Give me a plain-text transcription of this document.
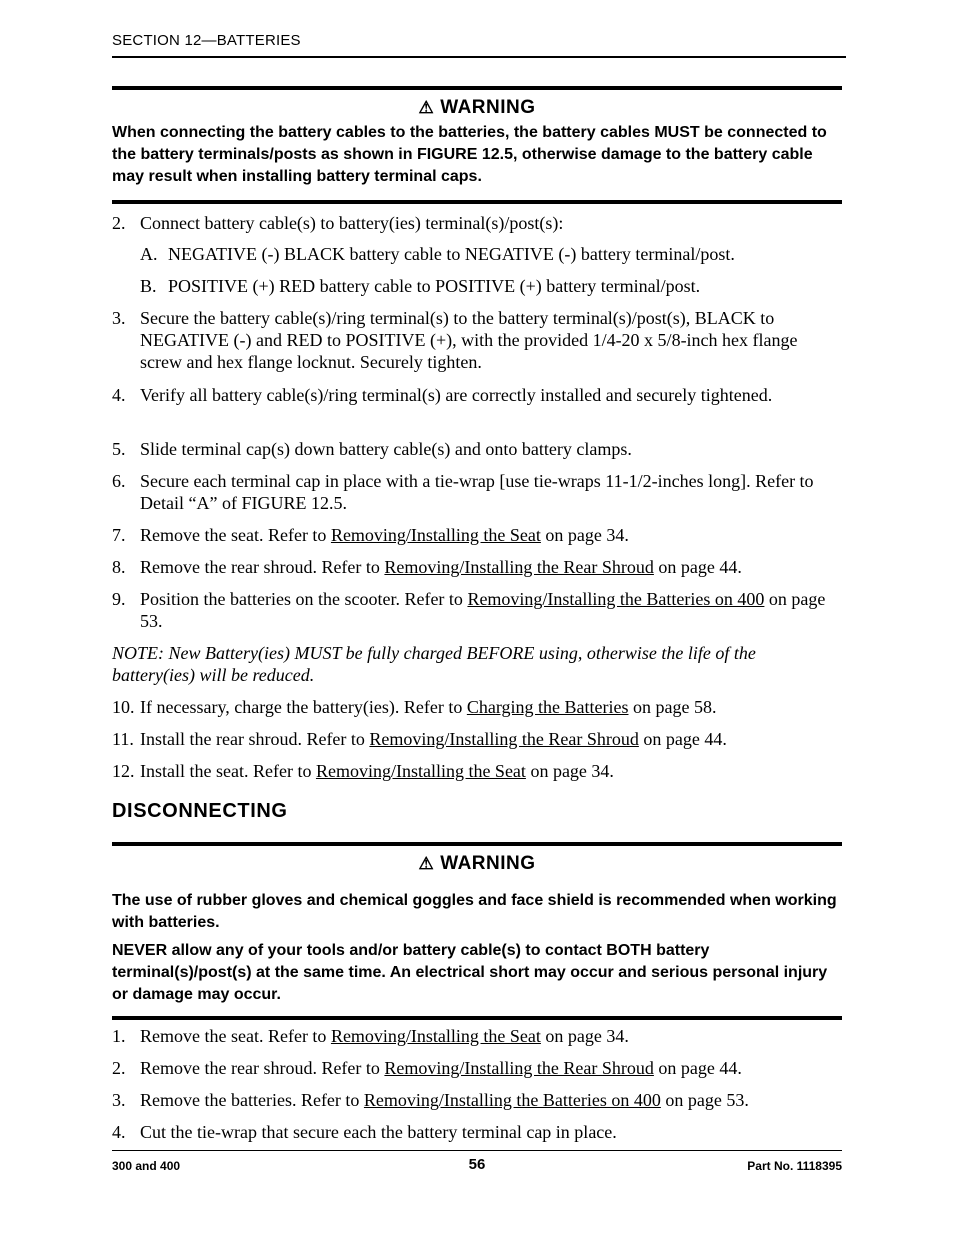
SECTION 12—BATTERIES
⚠ WARNING

When connecting the battery cables to the batteries, the battery cables MUST be connected to the battery terminals/posts as shown in FIGURE 12.5, otherwise damage to the battery cable may result when installing battery terminal caps.

2. Connect battery cable(s) to battery(ies) terminal(s)/post(s):
A. NEGATIVE (-) BLACK battery cable to NEGATIVE (-) battery terminal/post.
B. POSITIVE (+) RED battery cable to POSITIVE (+) battery terminal/post.
3. Secure the battery cable(s)/ring terminal(s) to the battery terminal(s)/post(s), BLACK to NEGATIVE (-) and RED to POSITIVE (+), with the provided 1/4-20 x 5/8-inch hex flange screw and hex flange locknut. Securely tighten.
4. Verify all battery cable(s)/ring terminal(s) are correctly installed and securely tightened.
5. Slide terminal cap(s) down battery cable(s) and onto battery clamps.
6. Secure each terminal cap in place with a tie-wrap [use tie-wraps 11-1/2-inches long]. Refer to Detail “A” of FIGURE 12.5.
7. Remove the seat. Refer to Removing/Installing the Seat on page 34.
8. Remove the rear shroud. Refer to Removing/Installing the Rear Shroud on page 44.
9. Position the batteries on the scooter. Refer to Removing/Installing the Batteries on 400 on page 53.
NOTE: New Battery(ies) MUST be fully charged BEFORE using, otherwise the life of the battery(ies) will be reduced.
10. If necessary, charge the battery(ies). Refer to Charging the Batteries on page 58.
11. Install the rear shroud. Refer to Removing/Installing the Rear Shroud on page 44.
12. Install the seat. Refer to Removing/Installing the Seat on page 34.
DISCONNECTING
⚠ WARNING

The use of rubber gloves and chemical goggles and face shield is recommended when working with batteries.

NEVER allow any of your tools and/or battery cable(s) to contact BOTH battery terminal(s)/post(s) at the same time. An electrical short may occur and serious personal injury or damage may occur.

1. Remove the seat. Refer to Removing/Installing the Seat on page 34.
2. Remove the rear shroud. Refer to Removing/Installing the Rear Shroud on page 44.
3. Remove the batteries. Refer to Removing/Installing the Batteries on 400 on page 53.
4. Cut the tie-wrap that secure each the battery terminal cap in place.
300 and 400	56	Part No. 1118395
